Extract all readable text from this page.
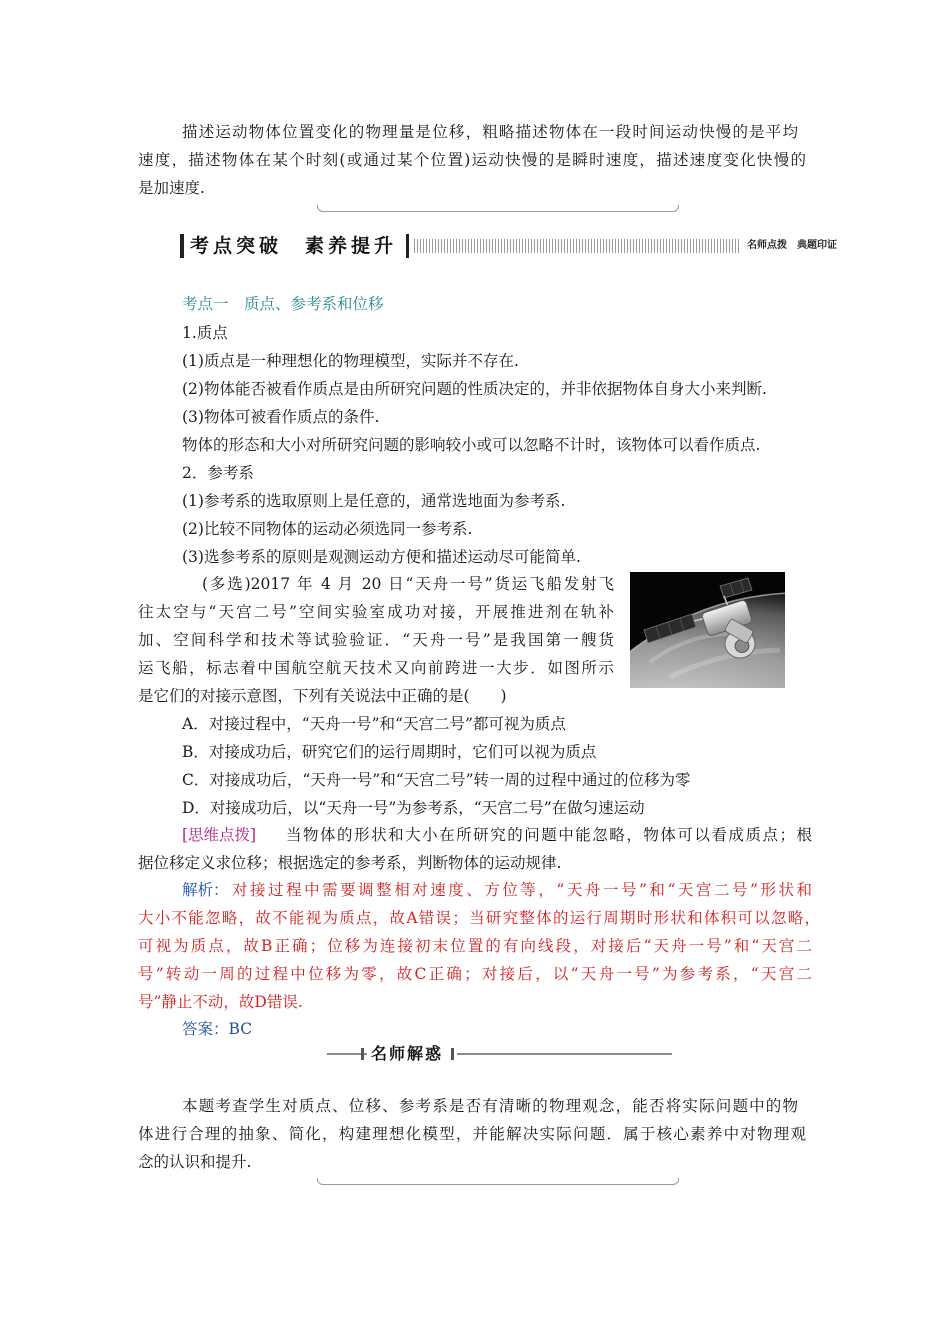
描述运动物体位置变化的物理量是位移，粗略描述物体在一段时间运动快慢的是平均
速度，描述物体在某个时刻(或通过某个位置)运动快慢的是瞬时速度，描述速度变化快慢的
是加速度.
考点突破　素养提升	名师点拨　典题印证
考点一　质点、参考系和位移
1.质点
(1)质点是一种理想化的物理模型，实际并不存在.
(2)物体能否被看作质点是由所研究问题的性质决定的，并非依据物体自身大小来判断.
(3)物体可被看作质点的条件.
物体的形态和大小对所研究问题的影响较小或可以忽略不计时，该物体可以看作质点.
2．参考系
(1)参考系的选取原则上是任意的，通常选地面为参考系.
(2)比较不同物体的运动必须选同一参考系.
(3)选参考系的原则是观测运动方便和描述运动尽可能简单.
(多选)2017 年 4 月 20 日“天舟一号”货运飞船发射飞
往太空与“天宫二号”空间实验室成功对接，开展推进剂在轨补
加、空间科学和技术等试验验证．“天舟一号”是我国第一艘货
运飞船，标志着中国航空航天技术又向前跨进一大步．如图所示
是它们的对接示意图，下列有关说法中正确的是(　　)
A．对接过程中，“天舟一号”和“天宫二号”都可视为质点
B．对接成功后，研究它们的运行周期时，它们可以视为质点
C．对接成功后，“天舟一号”和“天宫二号”转一周的过程中通过的位移为零
D．对接成功后，以“天舟一号”为参考系，“天宫二号”在做匀速运动
[思维点拨] 当物体的形状和大小在所研究的问题中能忽略，物体可以看成质点；根
据位移定义求位移；根据选定的参考系，判断物体的运动规律.
解析： 对接过程中需要调整相对速度、方位等，“天舟一号”和“天宫二号”形状和
大小不能忽略，故不能视为质点，故A错误；当研究整体的运行周期时形状和体积可以忽略，
可视为质点，故B正确；位移为连接初末位置的有向线段，对接后“天舟一号”和“天宫二
号”转动一周的过程中位移为零，故C正确；对接后，以“天舟一号”为参考系，“天宫二
号”静止不动，故D错误.
答案：BC
名师解惑
本题考查学生对质点、位移、参考系是否有清晰的物理观念，能否将实际问题中的物
体进行合理的抽象、简化，构建理想化模型，并能解决实际问题．属于核心素养中对物理观
念的认识和提升.
